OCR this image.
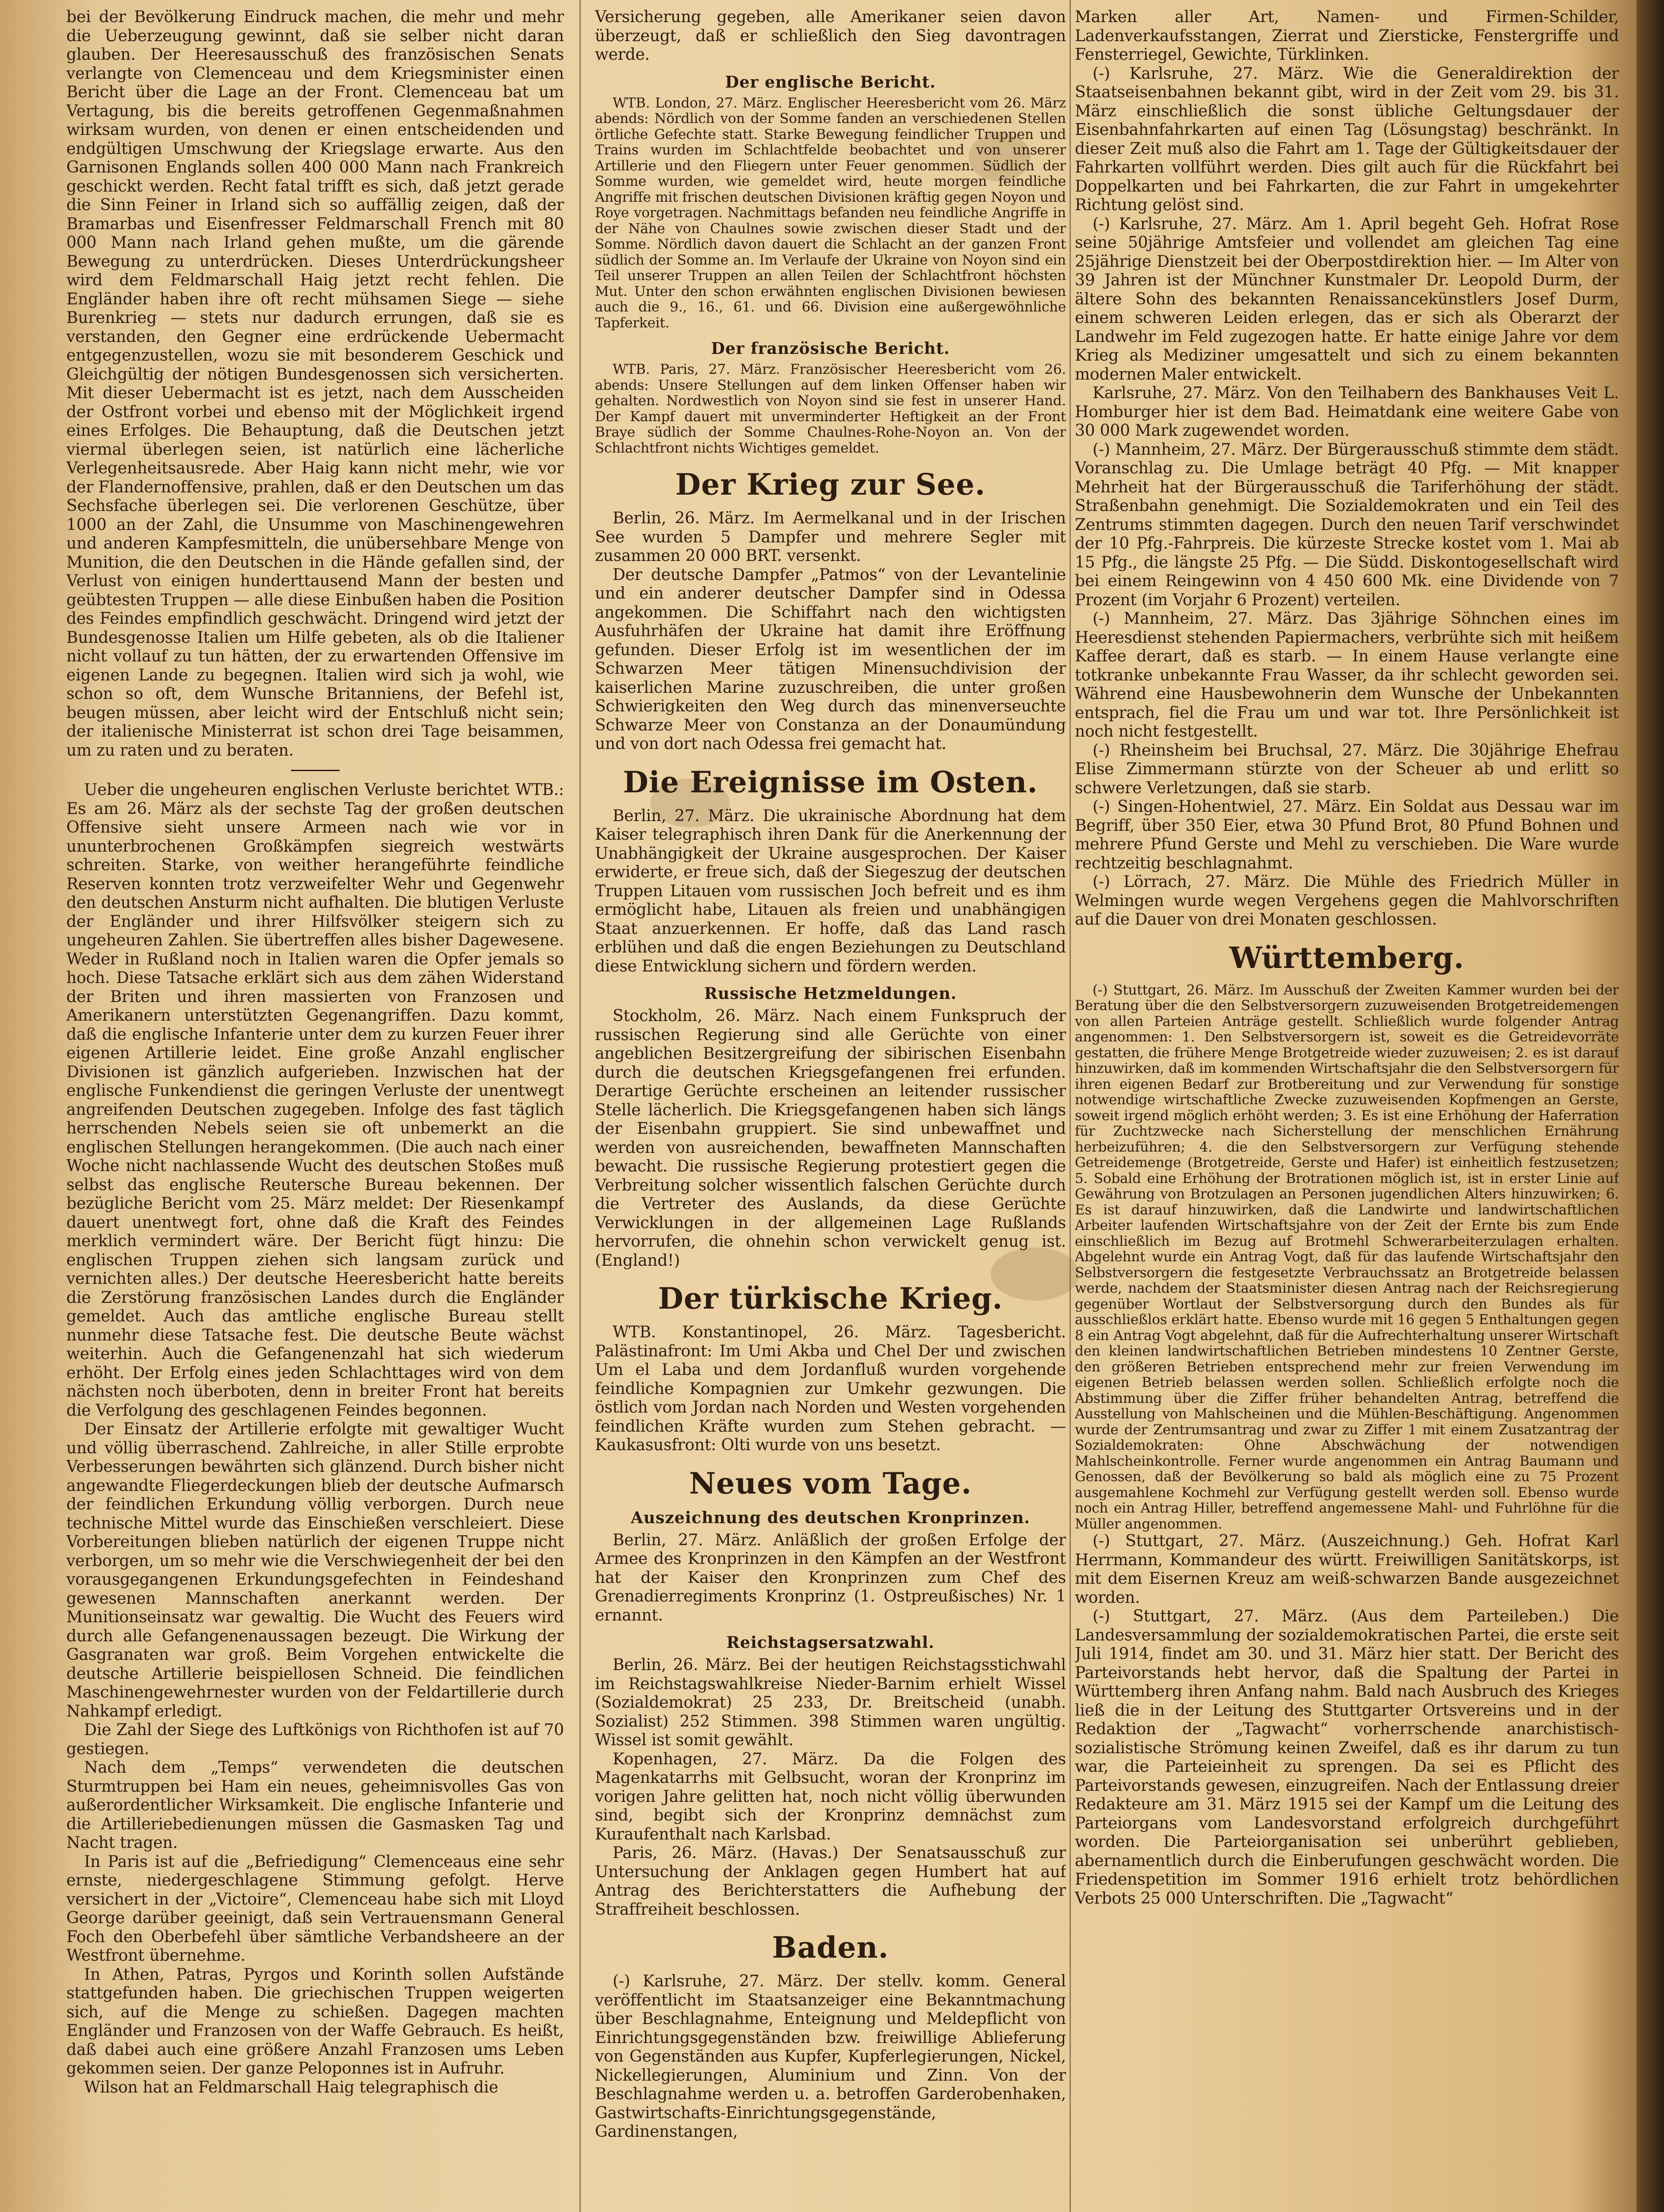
bei der Bevölkerung Eindruck machen, die mehr und mehr die Ueberzeugung gewinnt, daß sie selber nicht daran glauben. Der Heeresausschuß des französischen Senats verlangte von Clemenceau und dem Kriegsminister einen Bericht über die Lage an der Front. Clemenceau bat um Vertagung, bis die bereits getroffenen Gegenmaßnahmen wirksam wurden, von denen er einen entscheidenden und endgültigen Umschwung der Kriegslage erwarte. Aus den Garnisonen Englands sollen 400 000 Mann nach Frankreich geschickt werden. Recht fatal trifft es sich, daß jetzt gerade die Sinn Feiner in Irland sich so auffällig zeigen, daß der Bramarbas und Eisenfresser Feldmarschall French mit 80 000 Mann nach Irland gehen mußte, um die gärende Bewegung zu unterdrücken. Dieses Unterdrückungsheer wird dem Feldmarschall Haig jetzt recht fehlen. Die Engländer haben ihre oft recht mühsamen Siege — siehe Burenkrieg — stets nur dadurch errungen, daß sie es verstanden, den Gegner eine erdrückende Uebermacht entgegenzustellen, wozu sie mit besonderem Geschick und Gleichgültig der nötigen Bundesgenossen sich versicherten. Mit dieser Uebermacht ist es jetzt, nach dem Ausscheiden der Ostfront vorbei und ebenso mit der Möglichkeit irgend eines Erfolges. Die Behauptung, daß die Deutschen jetzt viermal überlegen seien, ist natürlich eine lächerliche Verlegenheitsausrede. Aber Haig kann nicht mehr, wie vor der Flandernoffensive, prahlen, daß er den Deutschen um das Sechsfache überlegen sei. Die verlorenen Geschütze, über 1000 an der Zahl, die Unsumme von Maschinengewehren und anderen Kampfesmitteln, die unübersehbare Menge von Munition, die den Deutschen in die Hände gefallen sind, der Verlust von einigen hunderttausend Mann der besten und geübtesten Truppen — alle diese Einbußen haben die Position des Feindes empfindlich geschwächt. Dringend wird jetzt der Bundesgenosse Italien um Hilfe gebeten, als ob die Italiener nicht vollauf zu tun hätten, der zu erwartenden Offensive im eigenen Lande zu begegnen. Italien wird sich ja wohl, wie schon so oft, dem Wunsche Britanniens, der Befehl ist, beugen müssen, aber leicht wird der Entschluß nicht sein; der italienische Ministerrat ist schon drei Tage beisammen, um zu raten und zu beraten.

Ueber die ungeheuren englischen Verluste berichtet WTB.: Es am 26. März als der sechste Tag der großen deutschen Offensive sieht unsere Armeen nach wie vor in ununterbrochenen Großkämpfen siegreich westwärts schreiten. Starke, von weither herangeführte feindliche Reserven konnten trotz verzweifelter Wehr und Gegenwehr den deutschen Ansturm nicht aufhalten. Die blutigen Verluste der Engländer und ihrer Hilfsvölker steigern sich zu ungeheuren Zahlen. Sie übertreffen alles bisher Dagewesene. Weder in Rußland noch in Italien waren die Opfer jemals so hoch. Diese Tatsache erklärt sich aus dem zähen Widerstand der Briten und ihren massierten von Franzosen und Amerikanern unterstützten Gegenangriffen. Dazu kommt, daß die englische Infanterie unter dem zu kurzen Feuer ihrer eigenen Artillerie leidet. Eine große Anzahl englischer Divisionen ist gänzlich aufgerieben. Inzwischen hat der englische Funkendienst die geringen Verluste der unentwegt angreifenden Deutschen zugegeben. Infolge des fast täglich herrschenden Nebels seien sie oft unbemerkt an die englischen Stellungen herangekommen. (Die auch nach einer Woche nicht nachlassende Wucht des deutschen Stoßes muß selbst das englische Reutersche Bureau bekennen. Der bezügliche Bericht vom 25. März meldet: Der Riesenkampf dauert unentwegt fort, ohne daß die Kraft des Feindes merklich vermindert wäre. Der Bericht fügt hinzu: Die englischen Truppen ziehen sich langsam zurück und vernichten alles.) Der deutsche Heeresbericht hatte bereits die Zerstörung französischen Landes durch die Engländer gemeldet. Auch das amtliche englische Bureau stellt nunmehr diese Tatsache fest. Die deutsche Beute wächst weiterhin. Auch die Gefangenenzahl hat sich wiederum erhöht. Der Erfolg eines jeden Schlachttages wird von dem nächsten noch überboten, denn in breiter Front hat bereits die Verfolgung des geschlagenen Feindes begonnen.

Der Einsatz der Artillerie erfolgte mit gewaltiger Wucht und völlig überraschend. Zahlreiche, in aller Stille erprobte Verbesserungen bewährten sich glänzend. Durch bisher nicht angewandte Fliegerdeckungen blieb der deutsche Aufmarsch der feindlichen Erkundung völlig verborgen. Durch neue technische Mittel wurde das Einschießen verschleiert. Diese Vorbereitungen blieben natürlich der eigenen Truppe nicht verborgen, um so mehr wie die Verschwiegenheit der bei den vorausgegangenen Erkundungsgefechten in Feindeshand gewesenen Mannschaften anerkannt werden. Der Munitionseinsatz war gewaltig. Die Wucht des Feuers wird durch alle Gefangenenaussagen bezeugt. Die Wirkung der Gasgranaten war groß. Beim Vorgehen entwickelte die deutsche Artillerie beispiellosen Schneid. Die feindlichen Maschinengewehrnester wurden von der Feldartillerie durch Nahkampf erledigt.

Die Zahl der Siege des Luftkönigs von Richthofen ist auf 70 gestiegen.

Nach dem „Temps“ verwendeten die deutschen Sturmtruppen bei Ham ein neues, geheimnisvolles Gas von außerordentlicher Wirksamkeit. Die englische Infanterie und die Artilleriebedienungen müssen die Gasmasken Tag und Nacht tragen.

In Paris ist auf die „Befriedigung“ Clemenceaus eine sehr ernste, niedergeschlagene Stimmung gefolgt. Herve versichert in der „Victoire“, Clemenceau habe sich mit Lloyd George darüber geeinigt, daß sein Vertrauensmann General Foch den Oberbefehl über sämtliche Verbandsheere an der Westfront übernehme.

In Athen, Patras, Pyrgos und Korinth sollen Aufstände stattgefunden haben. Die griechischen Truppen weigerten sich, auf die Menge zu schießen. Dagegen machten Engländer und Franzosen von der Waffe Gebrauch. Es heißt, daß dabei auch eine größere Anzahl Franzosen ums Leben gekommen seien. Der ganze Peloponnes ist in Aufruhr.

Wilson hat an Feldmarschall Haig telegraphisch die

Versicherung gegeben, alle Amerikaner seien davon überzeugt, daß er schließlich den Sieg davontragen werde.

Der englische Bericht.

WTB. London, 27. März. Englischer Heeresbericht vom 26. März abends: Nördlich von der Somme fanden an verschiedenen Stellen örtliche Gefechte statt. Starke Bewegung feindlicher Truppen und Trains wurden im Schlachtfelde beobachtet und von unserer Artillerie und den Fliegern unter Feuer genommen. Südlich der Somme wurden, wie gemeldet wird, heute morgen feindliche Angriffe mit frischen deutschen Divisionen kräftig gegen Noyon und Roye vorgetragen. Nachmittags befanden neu feindliche Angriffe in der Nähe von Chaulnes sowie zwischen dieser Stadt und der Somme. Nördlich davon dauert die Schlacht an der ganzen Front südlich der Somme an. Im Verlaufe der Ukraine von Noyon sind ein Teil unserer Truppen an allen Teilen der Schlachtfront höchsten Mut. Unter den schon erwähnten englischen Divisionen bewiesen auch die 9., 16., 61. und 66. Division eine außergewöhnliche Tapferkeit.

Der französische Bericht.

WTB. Paris, 27. März. Französischer Heeresbericht vom 26. abends: Unsere Stellungen auf dem linken Offenser haben wir gehalten. Nordwestlich von Noyon sind sie fest in unserer Hand. Der Kampf dauert mit unverminderter Heftigkeit an der Front Braye südlich der Somme Chaulnes-Rohe-Noyon an. Von der Schlachtfront nichts Wichtiges gemeldet.

Der Krieg zur See.

Berlin, 26. März. Im Aermelkanal und in der Irischen See wurden 5 Dampfer und mehrere Segler mit zusammen 20 000 BRT. versenkt.

Der deutsche Dampfer „Patmos“ von der Levantelinie und ein anderer deutscher Dampfer sind in Odessa angekommen. Die Schiffahrt nach den wichtigsten Ausfuhrhäfen der Ukraine hat damit ihre Eröffnung gefunden. Dieser Erfolg ist im wesentlichen der im Schwarzen Meer tätigen Minensuchdivision der kaiserlichen Marine zuzuschreiben, die unter großen Schwierigkeiten den Weg durch das minenverseuchte Schwarze Meer von Constanza an der Donaumündung und von dort nach Odessa frei gemacht hat.

Die Ereignisse im Osten.

Berlin, 27. März. Die ukrainische Abordnung hat dem Kaiser telegraphisch ihren Dank für die Anerkennung der Unabhängigkeit der Ukraine ausgesprochen. Der Kaiser erwiderte, er freue sich, daß der Siegeszug der deutschen Truppen Litauen vom russischen Joch befreit und es ihm ermöglicht habe, Litauen als freien und unabhängigen Staat anzuerkennen. Er hoffe, daß das Land rasch erblühen und daß die engen Beziehungen zu Deutschland diese Entwicklung sichern und fördern werden.

Russische Hetzmeldungen.

Stockholm, 26. März. Nach einem Funkspruch der russischen Regierung sind alle Gerüchte von einer angeblichen Besitzergreifung der sibirischen Eisenbahn durch die deutschen Kriegsgefangenen frei erfunden. Derartige Gerüchte erscheinen an leitender russischer Stelle lächerlich. Die Kriegsgefangenen haben sich längs der Eisenbahn gruppiert. Sie sind unbewaffnet und werden von ausreichenden, bewaffneten Mannschaften bewacht. Die russische Regierung protestiert gegen die Verbreitung solcher wissentlich falschen Gerüchte durch die Vertreter des Auslands, da diese Gerüchte Verwicklungen in der allgemeinen Lage Rußlands hervorrufen, die ohnehin schon verwickelt genug ist. (England!)

Der türkische Krieg.

WTB. Konstantinopel, 26. März. Tagesbericht. Palästinafront: Im Umi Akba und Chel Der und zwischen Um el Laba und dem Jordanfluß wurden vorgehende feindliche Kompagnien zur Umkehr gezwungen. Die östlich vom Jordan nach Norden und Westen vorgehenden feindlichen Kräfte wurden zum Stehen gebracht. — Kaukasusfront: Olti wurde von uns besetzt.

Neues vom Tage.
Auszeichnung des deutschen Kronprinzen.

Berlin, 27. März. Anläßlich der großen Erfolge der Armee des Kronprinzen in den Kämpfen an der Westfront hat der Kaiser den Kronprinzen zum Chef des Grenadierregiments Kronprinz (1. Ostpreußisches) Nr. 1 ernannt.

Reichstagsersatzwahl.

Berlin, 26. März. Bei der heutigen Reichstagsstichwahl im Reichstagswahlkreise Nieder-Barnim erhielt Wissel (Sozialdemokrat) 25 233, Dr. Breitscheid (unabh. Sozialist) 252 Stimmen. 398 Stimmen waren ungültig. Wissel ist somit gewählt.

Kopenhagen, 27. März. Da die Folgen des Magenkatarrhs mit Gelbsucht, woran der Kronprinz im vorigen Jahre gelitten hat, noch nicht völlig überwunden sind, begibt sich der Kronprinz demnächst zum Kuraufenthalt nach Karlsbad.

Paris, 26. März. (Havas.) Der Senatsausschuß zur Untersuchung der Anklagen gegen Humbert hat auf Antrag des Berichterstatters die Aufhebung der Straffreiheit beschlossen.

Baden.

(-) Karlsruhe, 27. März. Der stellv. komm. General veröffentlicht im Staatsanzeiger eine Bekanntmachung über Beschlagnahme, Enteignung und Meldepflicht von Einrichtungsgegenständen bzw. freiwillige Ablieferung von Gegenständen aus Kupfer, Kupferlegierungen, Nickel, Nickellegierungen, Aluminium und Zinn. Von der Beschlagnahme werden u. a. betroffen Garderobenhaken, Gastwirtschafts-Einrichtungsgegenstände, Gardinenstangen,

Marken aller Art, Namen- und Firmen-Schilder, Ladenverkaufsstangen, Zierrat und Ziersticke, Fenstergriffe und Fensterriegel, Gewichte, Türklinken.

(-) Karlsruhe, 27. März. Wie die Generaldirektion der Staatseisenbahnen bekannt gibt, wird in der Zeit vom 29. bis 31. März einschließlich die sonst übliche Geltungsdauer der Eisenbahnfahrkarten auf einen Tag (Lösungstag) beschränkt. In dieser Zeit muß also die Fahrt am 1. Tage der Gültigkeitsdauer der Fahrkarten vollführt werden. Dies gilt auch für die Rückfahrt bei Doppelkarten und bei Fahrkarten, die zur Fahrt in umgekehrter Richtung gelöst sind.

(-) Karlsruhe, 27. März. Am 1. April begeht Geh. Hofrat Rose seine 50jährige Amtsfeier und vollendet am gleichen Tag eine 25jährige Dienstzeit bei der Oberpostdirektion hier. — Im Alter von 39 Jahren ist der Münchner Kunstmaler Dr. Leopold Durm, der ältere Sohn des bekannten Renaissancekünstlers Josef Durm, einem schweren Leiden erlegen, das er sich als Oberarzt der Landwehr im Feld zugezogen hatte. Er hatte einige Jahre vor dem Krieg als Mediziner umgesattelt und sich zu einem bekannten modernen Maler entwickelt.

Karlsruhe, 27. März. Von den Teilhabern des Bankhauses Veit L. Homburger hier ist dem Bad. Heimatdank eine weitere Gabe von 30 000 Mark zugewendet worden.

(-) Mannheim, 27. März. Der Bürgerausschuß stimmte dem städt. Voranschlag zu. Die Umlage beträgt 40 Pfg. — Mit knapper Mehrheit hat der Bürgerausschuß die Tariferhöhung der städt. Straßenbahn genehmigt. Die Sozialdemokraten und ein Teil des Zentrums stimmten dagegen. Durch den neuen Tarif verschwindet der 10 Pfg.-Fahrpreis. Die kürzeste Strecke kostet vom 1. Mai ab 15 Pfg., die längste 25 Pfg. — Die Südd. Diskontogesellschaft wird bei einem Reingewinn von 4 450 600 Mk. eine Dividende von 7 Prozent (im Vorjahr 6 Prozent) verteilen.

(-) Mannheim, 27. März. Das 3jährige Söhnchen eines im Heeresdienst stehenden Papiermachers, verbrühte sich mit heißem Kaffee derart, daß es starb. — In einem Hause verlangte eine totkranke unbekannte Frau Wasser, da ihr schlecht geworden sei. Während eine Hausbewohnerin dem Wunsche der Unbekannten entsprach, fiel die Frau um und war tot. Ihre Persönlichkeit ist noch nicht festgestellt.

(-) Rheinsheim bei Bruchsal, 27. März. Die 30jährige Ehefrau Elise Zimmermann stürzte von der Scheuer ab und erlitt so schwere Verletzungen, daß sie starb.

(-) Singen-Hohentwiel, 27. März. Ein Soldat aus Dessau war im Begriff, über 350 Eier, etwa 30 Pfund Brot, 80 Pfund Bohnen und mehrere Pfund Gerste und Mehl zu verschieben. Die Ware wurde rechtzeitig beschlagnahmt.

(-) Lörrach, 27. März. Die Mühle des Friedrich Müller in Welmingen wurde wegen Vergehens gegen die Mahlvorschriften auf die Dauer von drei Monaten geschlossen.

Württemberg.

(-) Stuttgart, 26. März. Im Ausschuß der Zweiten Kammer wurden bei der Beratung über die den Selbstversorgern zuzuweisenden Brotgetreidemengen von allen Parteien Anträge gestellt. Schließlich wurde folgender Antrag angenommen: 1. Den Selbstversorgern ist, soweit es die Getreidevorräte gestatten, die frühere Menge Brotgetreide wieder zuzuweisen; 2. es ist darauf hinzuwirken, daß im kommenden Wirtschaftsjahr die den Selbstversorgern für ihren eigenen Bedarf zur Brotbereitung und zur Verwendung für sonstige notwendige wirtschaftliche Zwecke zuzuweisenden Kopfmengen an Gerste, soweit irgend möglich erhöht werden; 3. Es ist eine Erhöhung der Haferration für Zuchtzwecke nach Sicherstellung der menschlichen Ernährung herbeizuführen; 4. die den Selbstversorgern zur Verfügung stehende Getreidemenge (Brotgetreide, Gerste und Hafer) ist einheitlich festzusetzen; 5. Sobald eine Erhöhung der Brotrationen möglich ist, ist in erster Linie auf Gewährung von Brotzulagen an Personen jugendlichen Alters hinzuwirken; 6. Es ist darauf hinzuwirken, daß die Landwirte und landwirtschaftlichen Arbeiter laufenden Wirtschaftsjahre von der Zeit der Ernte bis zum Ende einschließlich im Bezug auf Brotmehl Schwerarbeiterzulagen erhalten. Abgelehnt wurde ein Antrag Vogt, daß für das laufende Wirtschaftsjahr den Selbstversorgern die festgesetzte Verbrauchssatz an Brotgetreide belassen werde, nachdem der Staatsminister diesen Antrag nach der Reichsregierung gegenüber Wortlaut der Selbstversorgung durch den Bundes als für ausschließlos erklärt hatte. Ebenso wurde mit 16 gegen 5 Enthaltungen gegen 8 ein Antrag Vogt abgelehnt, daß für die Aufrechterhaltung unserer Wirtschaft den kleinen landwirtschaftlichen Betrieben mindestens 10 Zentner Gerste, den größeren Betrieben entsprechend mehr zur freien Verwendung im eigenen Betrieb belassen werden sollen. Schließlich erfolgte noch die Abstimmung über die Ziffer früher behandelten Antrag, betreffend die Ausstellung von Mahlscheinen und die Mühlen-Beschäftigung. Angenommen wurde der Zentrumsantrag und zwar zu Ziffer 1 mit einem Zusatzantrag der Sozialdemokraten: Ohne Abschwächung der notwendigen Mahlscheinkontrolle. Ferner wurde angenommen ein Antrag Baumann und Genossen, daß der Bevölkerung so bald als möglich eine zu 75 Prozent ausgemahlene Kochmehl zur Verfügung gestellt werden soll. Ebenso wurde noch ein Antrag Hiller, betreffend angemessene Mahl- und Fuhrlöhne für die Müller angenommen.

(-) Stuttgart, 27. März. (Auszeichnung.) Geh. Hofrat Karl Herrmann, Kommandeur des württ. Freiwilligen Sanitätskorps, ist mit dem Eisernen Kreuz am weiß-schwarzen Bande ausgezeichnet worden.

(-) Stuttgart, 27. März. (Aus dem Parteileben.) Die Landesversammlung der sozialdemokratischen Partei, die erste seit Juli 1914, findet am 30. und 31. März hier statt. Der Bericht des Parteivorstands hebt hervor, daß die Spaltung der Partei in Württemberg ihren Anfang nahm. Bald nach Ausbruch des Krieges ließ die in der Leitung des Stuttgarter Ortsvereins und in der Redaktion der „Tagwacht“ vorherrschende anarchistisch-sozialistische Strömung keinen Zweifel, daß es ihr darum zu tun war, die Parteieinheit zu sprengen. Da sei es Pflicht des Parteivorstands gewesen, einzugreifen. Nach der Entlassung dreier Redakteure am 31. März 1915 sei der Kampf um die Leitung des Parteiorgans vom Landesvorstand erfolgreich durchgeführt worden. Die Parteiorganisation sei unberührt geblieben, abernamentlich durch die Einberufungen geschwächt worden. Die Friedenspetition im Sommer 1916 erhielt trotz behördlichen Verbots 25 000 Unterschriften. Die „Tagwacht“
